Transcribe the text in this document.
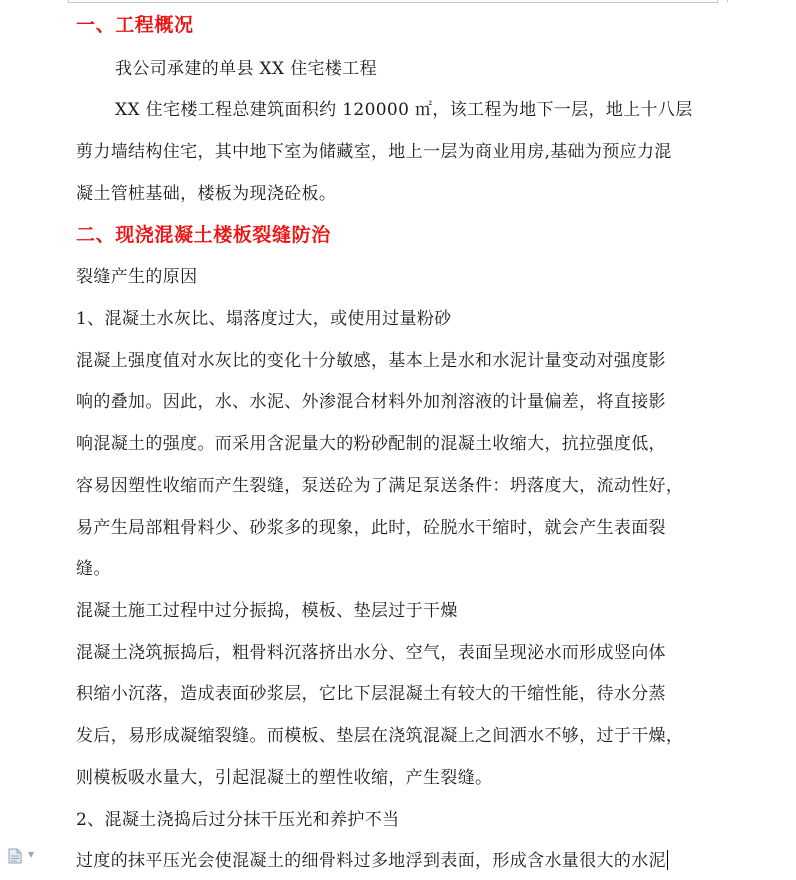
一、工程概况
我公司承建的单县 XX 住宅楼工程
XX 住宅楼工程总建筑面积约 120000 ㎡，该工程为地下一层，地上十八层
剪力墙结构住宅，其中地下室为储藏室，地上一层为商业用房,基础为预应力混
凝土管桩基础，楼板为现浇砼板。
二、现浇混凝土楼板裂缝防治
裂缝产生的原因
1、混凝土水灰比、塌落度过大，或使用过量粉砂
混凝上强度值对水灰比的变化十分敏感，基本上是水和水泥计量变动对强度影
响的叠加。因此，水、水泥、外渗混合材料外加剂溶液的计量偏差，将直接影
响混凝土的强度。而采用含泥量大的粉砂配制的混凝土收缩大，抗拉强度低，
容易因塑性收缩而产生裂缝，泵送砼为了满足泵送条件：坍落度大，流动性好，
易产生局部粗骨料少、砂浆多的现象，此时，砼脱水干缩时，就会产生表面裂
缝。
混凝土施工过程中过分振捣，模板、垫层过于干燥
混凝土浇筑振捣后，粗骨料沉落挤出水分、空气，表面呈现泌水而形成竖向体
积缩小沉落，造成表面砂浆层，它比下层混凝土有较大的干缩性能，待水分蒸
发后，易形成凝缩裂缝。而模板、垫层在浇筑混凝上之间洒水不够，过于干燥，
则模板吸水量大，引起混凝土的塑性收缩，产生裂缝。
2、混凝土浇捣后过分抹干压光和养护不当
过度的抹平压光会使混凝土的细骨料过多地浮到表面，形成含水量很大的水泥
▼
